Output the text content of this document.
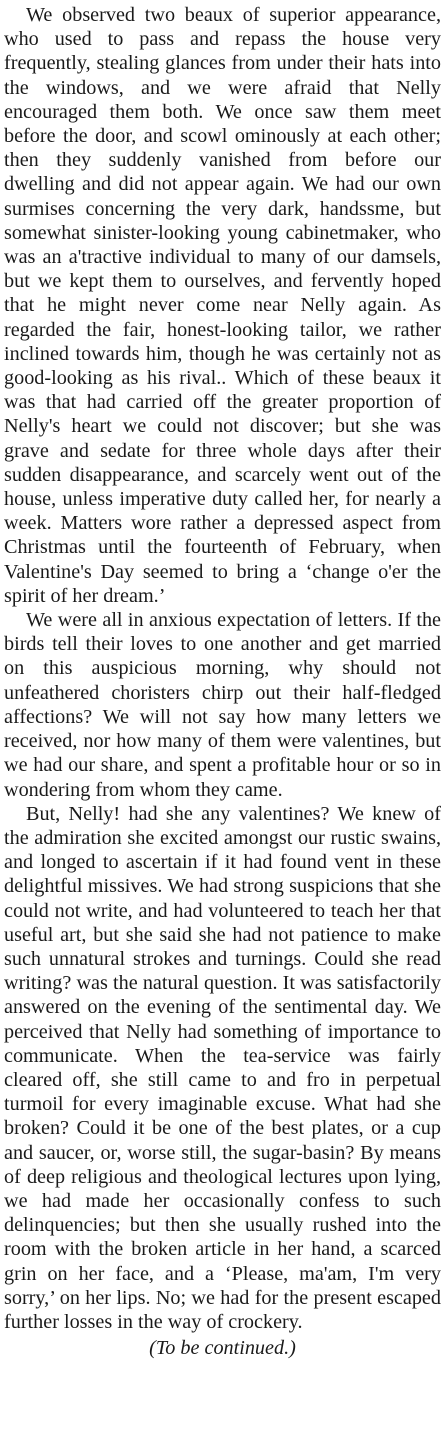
We observed two beaux of superior appearance, who used to pass and repass the house very frequently, stealing glances from under their hats into the windows, and we were afraid that Nelly encouraged them both. We once saw them meet before the door, and scowl ominously at each other; then they suddenly vanished from before our dwelling and did not appear again. We had our own surmises concerning the very dark, handssme, but somewhat sinister-looking young cabinetmaker, who was an a'tractive individual to many of our damsels, but we kept them to ourselves, and fervently hoped that he might never come near Nelly again. As regarded the fair, honest-looking tailor, we rather inclined towards him, though he was certainly not as good-looking as his rival.. Which of these beaux it was that had carried off the greater proportion of Nelly's heart we could not discover; but she was grave and sedate for three whole days after their sudden disappearance, and scarcely went out of the house, unless imperative duty called her, for nearly a week. Matters wore rather a depressed aspect from Christmas until the fourteenth of February, when Valentine's Day seemed to bring a ‘change o'er the spirit of her dream.’

We were all in anxious expectation of letters. If the birds tell their loves to one another and get married on this auspicious morning, why should not unfeathered choristers chirp out their half-fledged affections? We will not say how many letters we received, nor how many of them were valentines, but we had our share, and spent a profitable hour or so in wondering from whom they came.

But, Nelly! had she any valentines? We knew of the admiration she excited amongst our rustic swains, and longed to ascertain if it had found vent in these delightful missives. We had strong suspicions that she could not write, and had volunteered to teach her that useful art, but she said she had not patience to make such unnatural strokes and turnings. Could she read writing? was the natural question. It was satisfactorily answered on the evening of the sentimental day. We perceived that Nelly had something of importance to communicate. When the tea-service was fairly cleared off, she still came to and fro in perpetual turmoil for every imaginable excuse. What had she broken? Could it be one of the best plates, or a cup and saucer, or, worse still, the sugar-basin? By means of deep religious and theological lectures upon lying, we had made her occasionally confess to such delinquencies; but then she usually rushed into the room with the broken article in her hand, a scarced grin on her face, and a ‘Please, ma'am, I'm very sorry,’ on her lips. No; we had for the present escaped further losses in the way of crockery.

(To be continued.)
